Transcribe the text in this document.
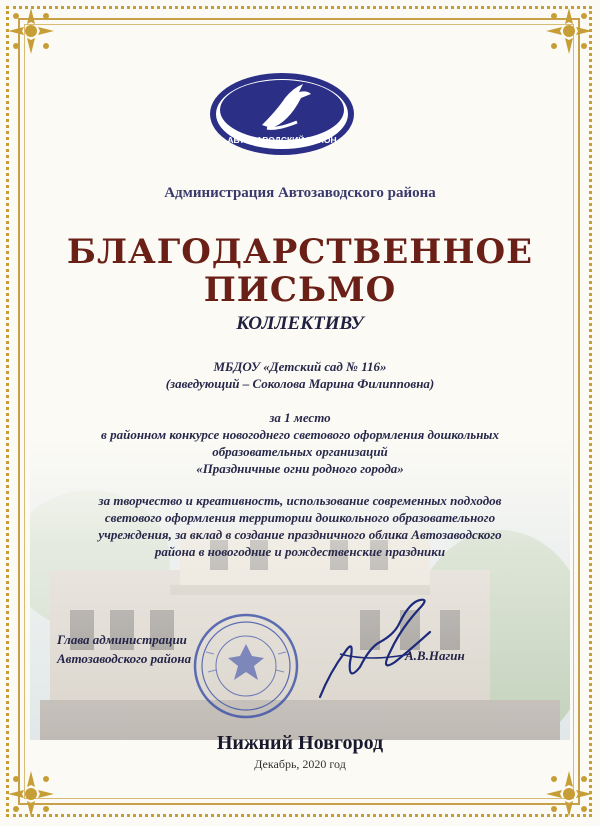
АВТОЗАВОДСКИЙ РАЙОН
Администрация Автозаводского района
БЛАГОДАРСТВЕННОЕ
ПИСЬМО
КОЛЛЕКТИВУ
МБДОУ «Детский сад № 116»
(заведующий – Соколова Марина Филипповна)
за 1 место
в районном конкурсе новогоднего светового оформления дошкольных
образовательных организаций
«Праздничные огни родного города»
за творчество и креативность, использование современных подходов
светового оформления территории дошкольного образовательного
учреждения, за вклад в создание праздничного облика Автозаводского
района в новогодние и рождественские праздники
Глава администрации
Автозаводского района	А.В.Нагин
Нижний Новгород
Декабрь, 2020 год
